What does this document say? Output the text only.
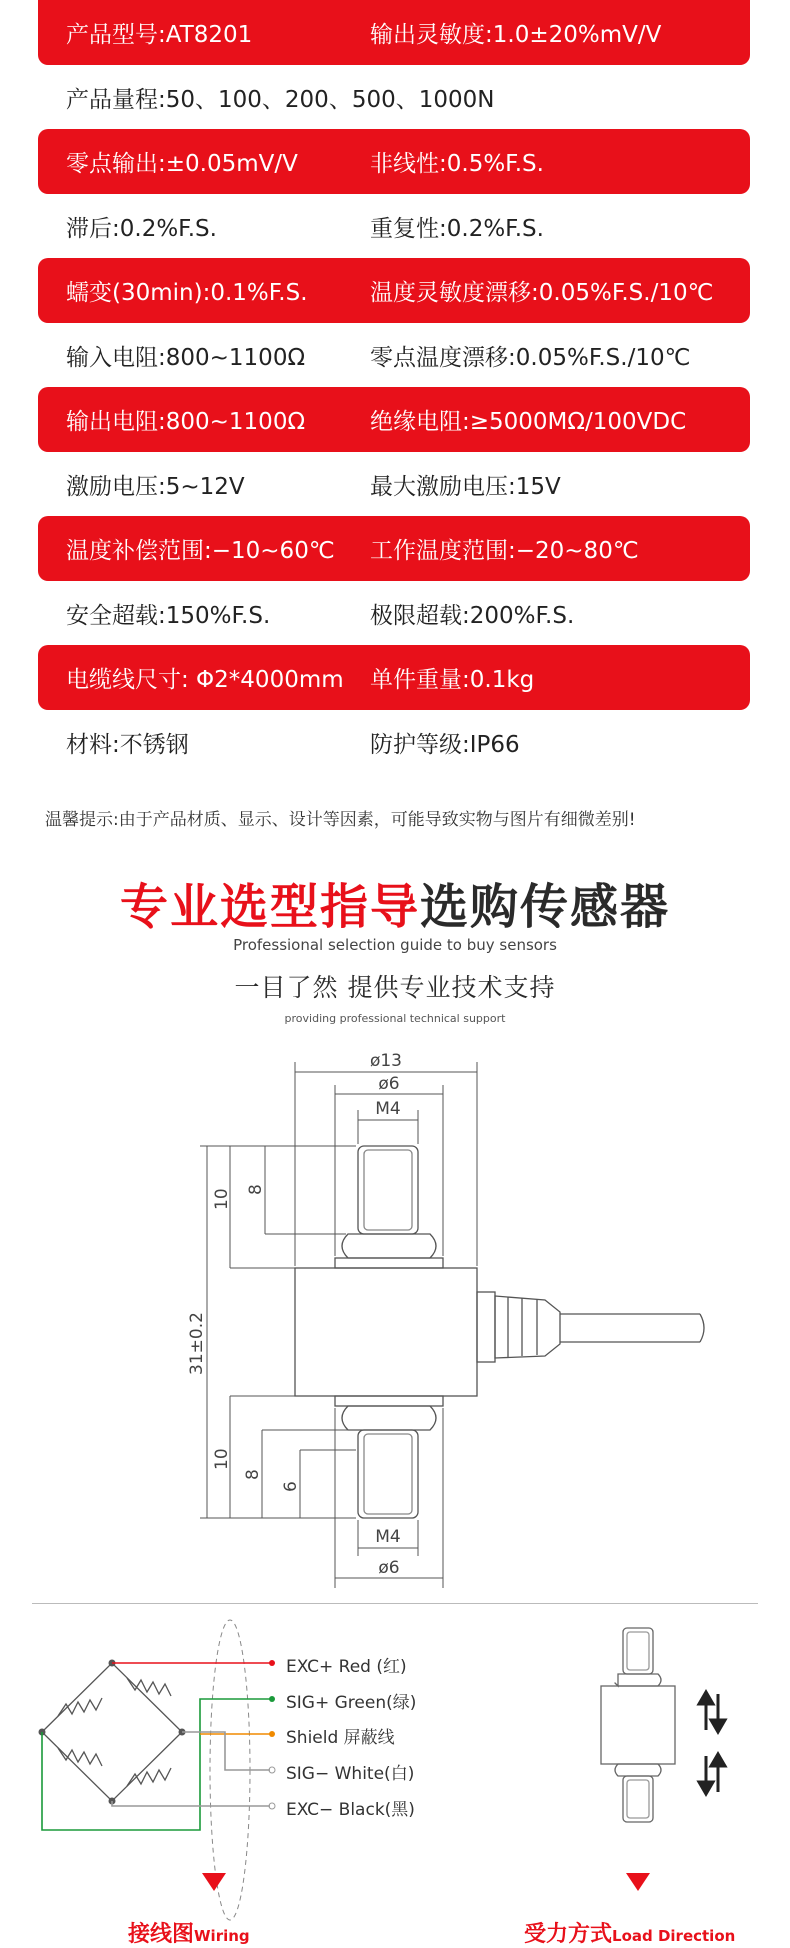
产品型号:AT8201	输出灵敏度:1.0±20%mV/V
产品量程:50、100、200、500、1000N
零点输出:±0.05mV/V	非线性:0.5%F.S.
滞后:0.2%F.S.	重复性:0.2%F.S.
蠕变(30min):0.1%F.S.	温度灵敏度漂移:0.05%F.S./10℃
输入电阻:800~1100Ω	零点温度漂移:0.05%F.S./10℃
输出电阻:800~1100Ω	绝缘电阻:≥5000MΩ/100VDC
激励电压:5~12V	最大激励电压:15V
温度补偿范围:−10~60℃ 工作温度范围:−20~80℃
安全超载:150%F.S.	极限超载:200%F.S.
电缆线尺寸: Φ2*4000mm 单件重量:0.1kg
材料:不锈钢	防护等级:IP66
温馨提示:由于产品材质、显示、设计等因素，可能导致实物与图片有细微差别!
专业选型指导选购传感器
Professional selection guide to buy sensors
一目了然 提供专业技术支持
providing professional technical support
ø13
ø6
M4
10 8
31±0.2
10
8
6
M4
ø6
EXC+ Red (红)
SIG+ Green(绿)
Shield 屏蔽线
SIG− White(白)
EXC− Black(黑)
接线图Wiring	受力方式Load Direction
